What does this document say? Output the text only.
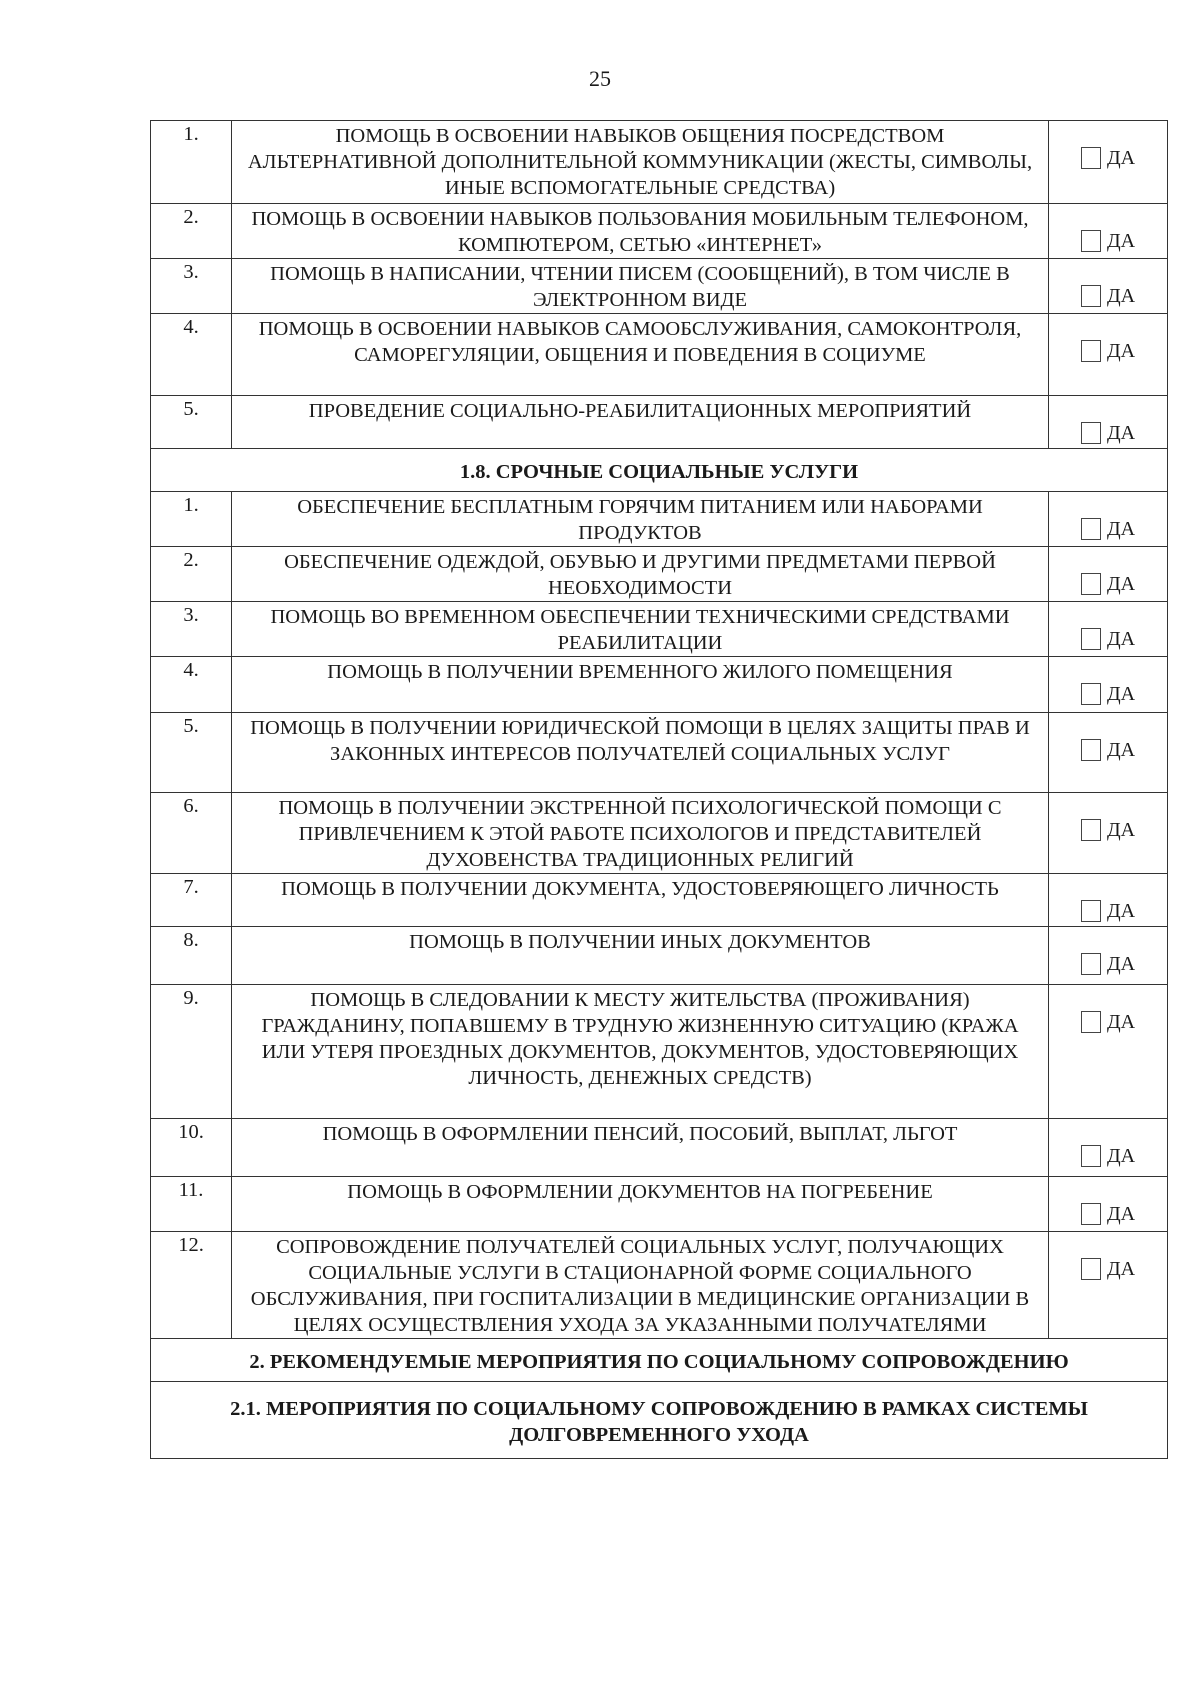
25
1.	ПОМОЩЬ В ОСВОЕНИИ НАВЫКОВ ОБЩЕНИЯ ПОСРЕДСТВОМ АЛЬТЕРНАТИВНОЙ ДОПОЛНИТЕЛЬНОЙ КОММУНИКАЦИИ (ЖЕСТЫ, СИМВОЛЫ, ИНЫЕ ВСПОМОГАТЕЛЬНЫЕ СРЕДСТВА)	ДА

2.	ПОМОЩЬ В ОСВОЕНИИ НАВЫКОВ ПОЛЬЗОВАНИЯ МОБИЛЬНЫМ ТЕЛЕФОНОМ, КОМПЮТЕРОМ, СЕТЬЮ «ИНТЕРНЕТ»	ДА

3.	ПОМОЩЬ В НАПИСАНИИ, ЧТЕНИИ ПИСЕМ (СООБЩЕНИЙ), В ТОМ ЧИСЛЕ В ЭЛЕКТРОННОМ ВИДЕ	ДА

4.	ПОМОЩЬ В ОСВОЕНИИ НАВЫКОВ САМООБСЛУЖИВАНИЯ, САМОКОНТРОЛЯ, САМОРЕГУЛЯЦИИ, ОБЩЕНИЯ И ПОВЕДЕНИЯ В СОЦИУМЕ	ДА

5.	ПРОВЕДЕНИЕ СОЦИАЛЬНО-РЕАБИЛИТАЦИОННЫХ МЕРОПРИЯТИЙ	ДА

1.8. СРОЧНЫЕ СОЦИАЛЬНЫЕ УСЛУГИ		
1.	ОБЕСПЕЧЕНИЕ БЕСПЛАТНЫМ ГОРЯЧИМ ПИТАНИЕМ ИЛИ НАБОРАМИ ПРОДУКТОВ	ДА

2.	ОБЕСПЕЧЕНИЕ ОДЕЖДОЙ, ОБУВЬЮ И ДРУГИМИ ПРЕДМЕТАМИ ПЕРВОЙ НЕОБХОДИМОСТИ	ДА

3.	ПОМОЩЬ ВО ВРЕМЕННОМ ОБЕСПЕЧЕНИИ ТЕХНИЧЕСКИМИ СРЕДСТВАМИ РЕАБИЛИТАЦИИ	ДА

4.	ПОМОЩЬ В ПОЛУЧЕНИИ ВРЕМЕННОГО ЖИЛОГО ПОМЕЩЕНИЯ	ДА

5.	ПОМОЩЬ В ПОЛУЧЕНИИ ЮРИДИЧЕСКОЙ ПОМОЩИ В ЦЕЛЯХ ЗАЩИТЫ ПРАВ И ЗАКОННЫХ ИНТЕРЕСОВ ПОЛУЧАТЕЛЕЙ СОЦИАЛЬНЫХ УСЛУГ	ДА

6.	ПОМОЩЬ В ПОЛУЧЕНИИ ЭКСТРЕННОЙ ПСИХОЛОГИЧЕСКОЙ ПОМОЩИ С ПРИВЛЕЧЕНИЕМ К ЭТОЙ РАБОТЕ ПСИХОЛОГОВ И ПРЕДСТАВИТЕЛЕЙ ДУХОВЕНСТВА ТРАДИЦИОННЫХ РЕЛИГИЙ	ДА

7.	ПОМОЩЬ В ПОЛУЧЕНИИ ДОКУМЕНТА, УДОСТОВЕРЯЮЩЕГО ЛИЧНОСТЬ	ДА

8.	ПОМОЩЬ В ПОЛУЧЕНИИ ИНЫХ ДОКУМЕНТОВ	ДА

9.	ПОМОЩЬ В СЛЕДОВАНИИ К МЕСТУ ЖИТЕЛЬСТВА (ПРОЖИВАНИЯ) ГРАЖДАНИНУ, ПОПАВШЕМУ В ТРУДНУЮ ЖИЗНЕННУЮ СИТУАЦИЮ (КРАЖА ИЛИ УТЕРЯ ПРОЕЗДНЫХ ДОКУМЕНТОВ, ДОКУМЕНТОВ, УДОСТОВЕРЯЮЩИХ ЛИЧНОСТЬ, ДЕНЕЖНЫХ СРЕДСТВ)	ДА

10.	ПОМОЩЬ В ОФОРМЛЕНИИ ПЕНСИЙ, ПОСОБИЙ, ВЫПЛАТ, ЛЬГОТ	ДА

11.	ПОМОЩЬ В ОФОРМЛЕНИИ ДОКУМЕНТОВ НА ПОГРЕБЕНИЕ	ДА

12.	СОПРОВОЖДЕНИЕ ПОЛУЧАТЕЛЕЙ СОЦИАЛЬНЫХ УСЛУГ, ПОЛУЧАЮЩИХ СОЦИАЛЬНЫЕ УСЛУГИ В СТАЦИОНАРНОЙ ФОРМЕ СОЦИАЛЬНОГО ОБСЛУЖИВАНИЯ, ПРИ ГОСПИТАЛИЗАЦИИ В МЕДИЦИНСКИЕ ОРГАНИЗАЦИИ В ЦЕЛЯХ ОСУЩЕСТВЛЕНИЯ УХОДА ЗА УКАЗАННЫМИ ПОЛУЧАТЕЛЯМИ	ДА

2. РЕКОМЕНДУЕМЫЕ МЕРОПРИЯТИЯ ПО СОЦИАЛЬНОМУ СОПРОВОЖДЕНИЮ		
2.1. МЕРОПРИЯТИЯ ПО СОЦИАЛЬНОМУ СОПРОВОЖДЕНИЮ В РАМКАХ СИСТЕМЫ ДОЛГОВРЕМЕННОГО УХОДА		
